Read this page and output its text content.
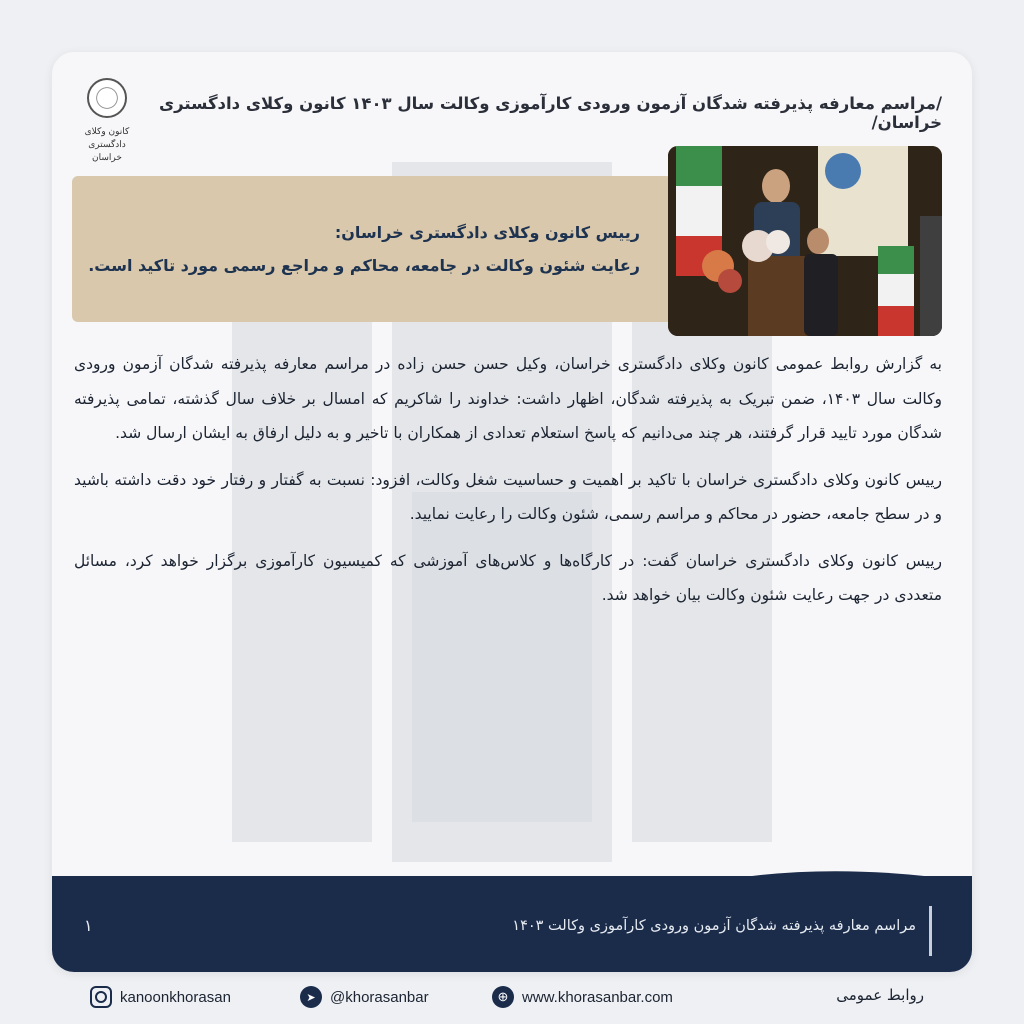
کانون وکلای دادگستری
خراسان
/مراسم معارفه پذیرفته شدگان آزمون ورودی کارآموزی وکالت سال ۱۴۰۳ کانون وکلای دادگستری خراسان/
رییس کانون وکلای دادگستری خراسان:
رعایت شئون وکالت در جامعه، محاکم و مراجع رسمی مورد تاکید است.

به گزارش روابط عمومی کانون وکلای دادگستری خراسان، وکیل حسن حسن زاده در مراسم معارفه پذیرفته شدگان آزمون ورودی وکالت سال ۱۴۰۳، ضمن تبریک به پذیرفته شدگان، اظهار داشت: خداوند را شاکریم که امسال بر خلاف سال گذشته، تمامی پذیرفته شدگان مورد تایید قرار گرفتند، هر چند می‌دانیم که پاسخ استعلام تعدادی از همکاران با تاخیر و به دلیل ارفاق به ایشان ارسال شد.

رییس کانون وکلای دادگستری خراسان با تاکید بر اهمیت و حساسیت شغل وکالت، افزود: نسبت به گفتار و رفتار خود دقت داشته باشید و در سطح جامعه، حضور در محاکم و مراسم رسمی، شئون وکالت را رعایت نمایید.

رییس کانون وکلای دادگستری خراسان گفت: در کارگاه‌ها و کلاس‌های آموزشی که کمیسیون کارآموزی برگزار خواهد کرد، مسائل متعددی در جهت رعایت شئون وکالت بیان خواهد شد.

مراسم معارفه پذیرفته شدگان آزمون ورودی کارآموزی وکالت ۱۴۰۳
۱
kanoonkhorasan	➤ @khorasanbar	⊕ www.khorasanbar.com	روابط عمومی
